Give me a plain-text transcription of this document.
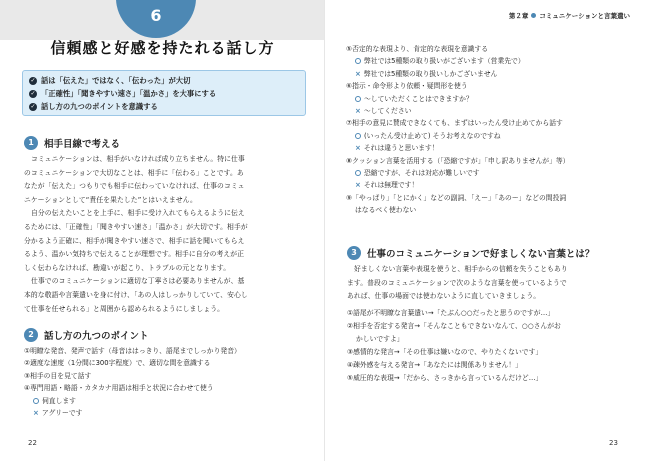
6
信頼感と好感を持たれる話し方
✓ 話は「伝えた」ではなく、「伝わった」が大切
✓ 「正確性」「聞きやすい速さ」「温かさ」を大事にする
✓ 話し方の九つのポイントを意識する
1	相手目線で考える

コミュニケーションは、相手がいなければ成り立ちません。特に仕事

のコミュニケーションで大切なことは、相手に「伝わる」ことです。あ

なたが「伝えた」つもりでも相手に伝わっていなければ、仕事のコミュ

ニケーションとして“責任を果たした”とはいえません。

自分の伝えたいことを上手に、相手に受け入れてもらえるように伝え

るためには、「正確性」「聞きやすい速さ」「温かさ」が大切です。相手が

分かるよう正確に、相手が聞きやすい速さで、相手に話を聞いてもらえ

るよう、温かい気持ちで伝えることが理想です。相手に自分の考えが正

しく伝わらなければ、勘違いが起こり、トラブルの元となります。

仕事でのコミュニケーションに適切な丁寧さは必要ありませんが、基

本的な敬語や言葉遣いを身に付け、「あの人はしっかりしていて、安心し

て仕事を任せられる」と周囲から認められるようにしましょう。

2	話し方の九つのポイント

①明瞭な発音、発声で話す（母音ははっきり、語尾までしっかり発音）

②適度な速度（1分間に300字程度）で、適切な間を意識する

③相手の目を見て話す

④専門用語・略語・カタカナ用語は相手と状況に合わせて使う

伺直します

× アグリーです

22
第２章 コミュニケーションと言葉遣い

⑤否定的な表現より、肯定的な表現を意識する

弊社では5種類の取り扱いがございます（営業先で）

× 弊社では5種類の取り扱いしかございません

⑥指示・命令形より依頼・疑問形を使う

〜していただくことはできますか？

× 〜してください

⑦相手の意見に賛成できなくても、まずはいったん受け止めてから話す

(いったん受け止めて) そうお考えなのですね

× それは違うと思います！

⑧クッション言葉を活用する（「恐縮ですが」「申し訳ありませんが」等）

恐縮ですが、それは対応が難しいです

× それは無理です！

⑨「やっぱり」「とにかく」などの副詞、「えー」「あのー」などの間投詞

はなるべく使わない

3	仕事のコミュニケーションで好ましくない言葉とは？

好ましくない言葉や表現を使うと、相手からの信頼を失うこともあり

ます。普段のコミュニケーションで次のような言葉を使っているようで

あれば、仕事の場面では使わないように直していきましょう。

①語尾が不明瞭な言葉遣い→「たぶん○○だったと思うのですが…」

②相手を否定する発言→「そんなこともできないなんて、○○さんがお

かしいですよ」

③感情的な発言→「その仕事は嫌いなので、やりたくないです」

④疎外感を与える発言→「あなたには関係ありません！」

⑤威圧的な表現→「だから、さっきから言っているんだけど…」

23
